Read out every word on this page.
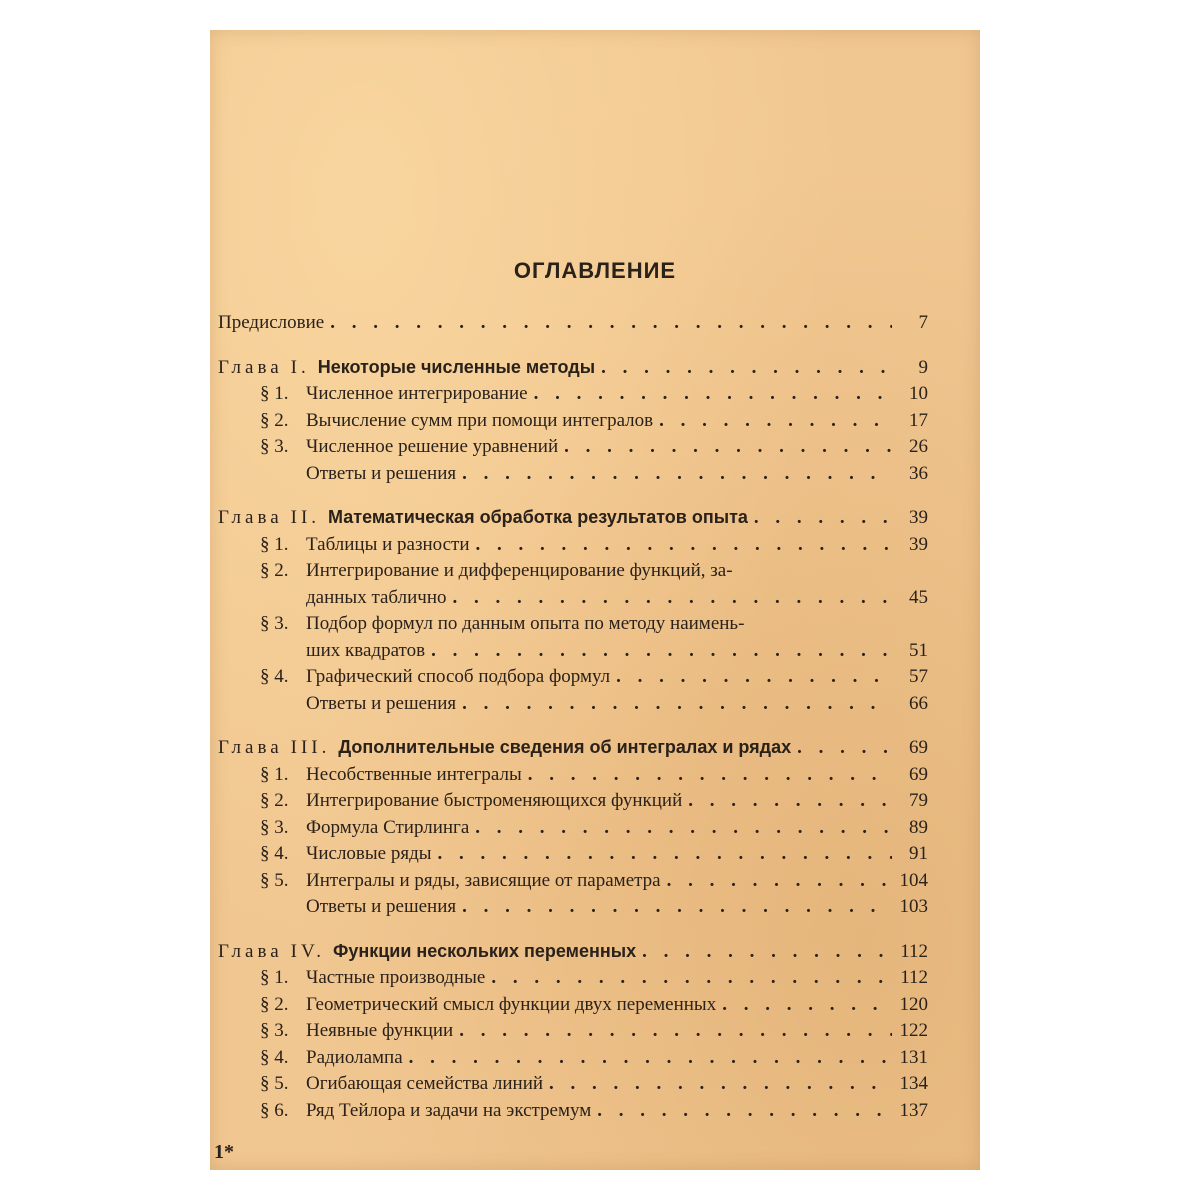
ОГЛАВЛЕНИЕ
Предисловие . . .	7
Глава I. Некоторые численные методы . . .	9
§ 1. Численное интегрирование . . .	10
§ 2. Вычисление сумм при помощи интегралов . . .	17
§ 3. Численное решение уравнений . . .	26
Ответы и решения . . .	36
Глава II. Математическая обработка результатов опыта . . .	39
§ 1. Таблицы и разности . . .	39
§ 2. Интегрирование и дифференцирование функций, за-
данных таблично . . .	45
§ 3. Подбор формул по данным опыта по методу наимень-
ших квадратов . . .	51
§ 4. Графический способ подбора формул . . .	57
Ответы и решения . . .	66
Глава III. Дополнительные сведения об интегралах и рядах . . .	69
§ 1. Несобственные интегралы . . .	69
§ 2. Интегрирование быстроменяющихся функций . . .	79
§ 3. Формула Стирлинга . . .	89
§ 4. Числовые ряды . . .	91
§ 5. Интегралы и ряды, зависящие от параметра . . .	104
Ответы и решения . . .	103
Глава IV. Функции нескольких переменных . . .	112
§ 1. Частные производные . . .	112
§ 2. Геометрический смысл функции двух переменных . . .	120
§ 3. Неявные функции . . .	122
§ 4. Радиолампа . . .	131
§ 5. Огибающая семейства линий . . .	134
§ 6. Ряд Тейлора и задачи на экстремум . . .	137
1*
